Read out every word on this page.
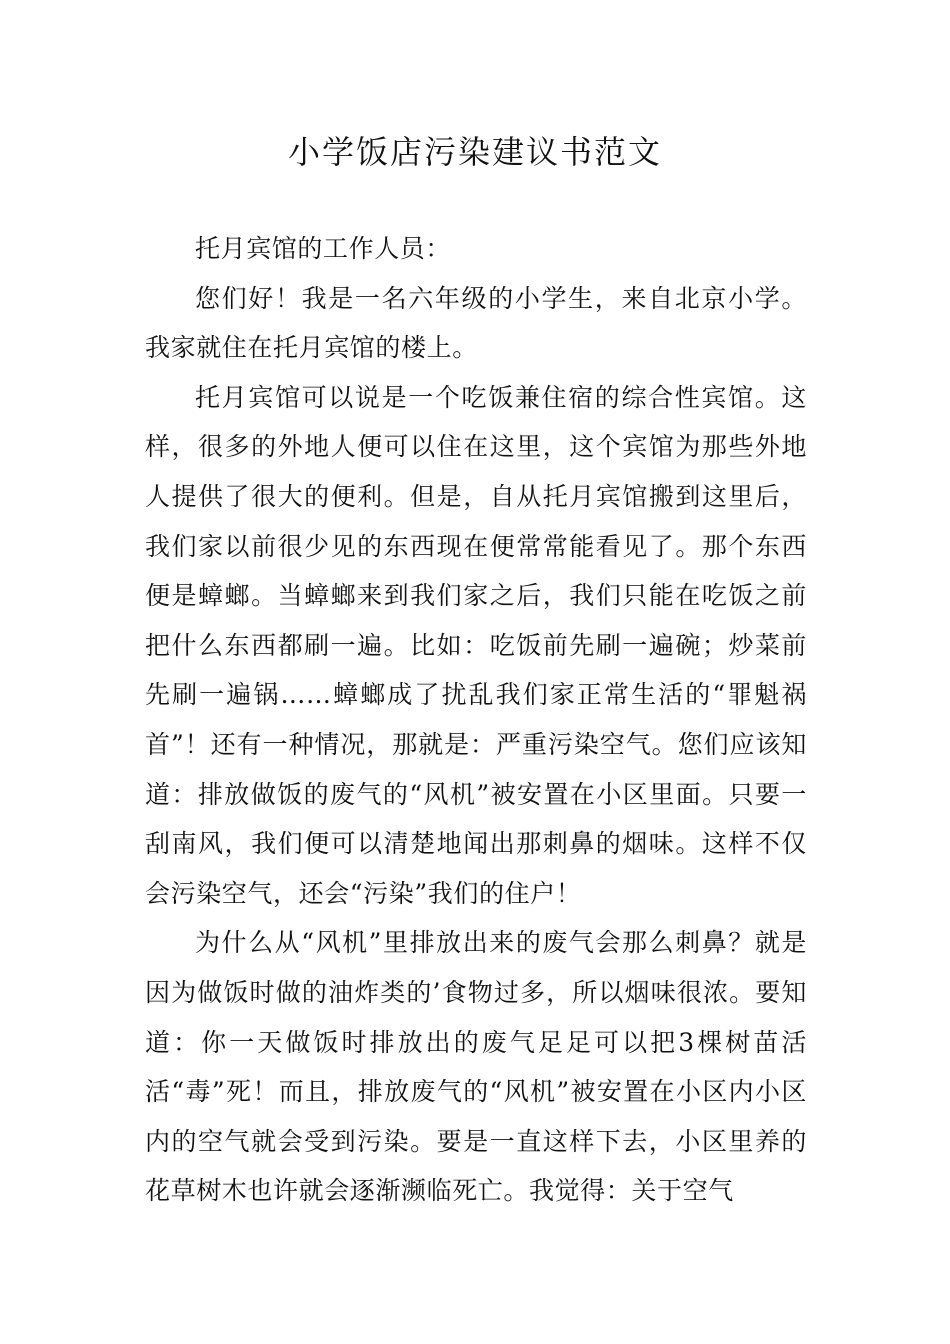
小学饭店污染建议书范文

托月宾馆的工作人员：

您们好！我是一名六年级的小学生，来自北京小学。我家就住在托月宾馆的楼上。

托月宾馆可以说是一个吃饭兼住宿的综合性宾馆。这样，很多的外地人便可以住在这里，这个宾馆为那些外地人提供了很大的便利。但是，自从托月宾馆搬到这里后，我们家以前很少见的东西现在便常常能看见了。那个东西便是蟑螂。当蟑螂来到我们家之后，我们只能在吃饭之前把什么东西都刷一遍。比如：吃饭前先刷一遍碗；炒菜前先刷一遍锅……蟑螂成了扰乱我们家正常生活的“罪魁祸首”！还有一种情况，那就是：严重污染空气。您们应该知道：排放做饭的废气的“风机”被安置在小区里面。只要一刮南风，我们便可以清楚地闻出那刺鼻的烟味。这样不仅会污染空气，还会“污染”我们的住户！

为什么从“风机”里排放出来的废气会那么刺鼻？就是因为做饭时做的油炸类的’食物过多，所以烟味很浓。要知道：你一天做饭时排放出的废气足足可以把3棵树苗活活“毒”死！而且，排放废气的“风机”被安置在小区内小区内的空气就会受到污染。要是一直这样下去，小区里养的花草树木也许就会逐渐濒临死亡。我觉得：关于空气
